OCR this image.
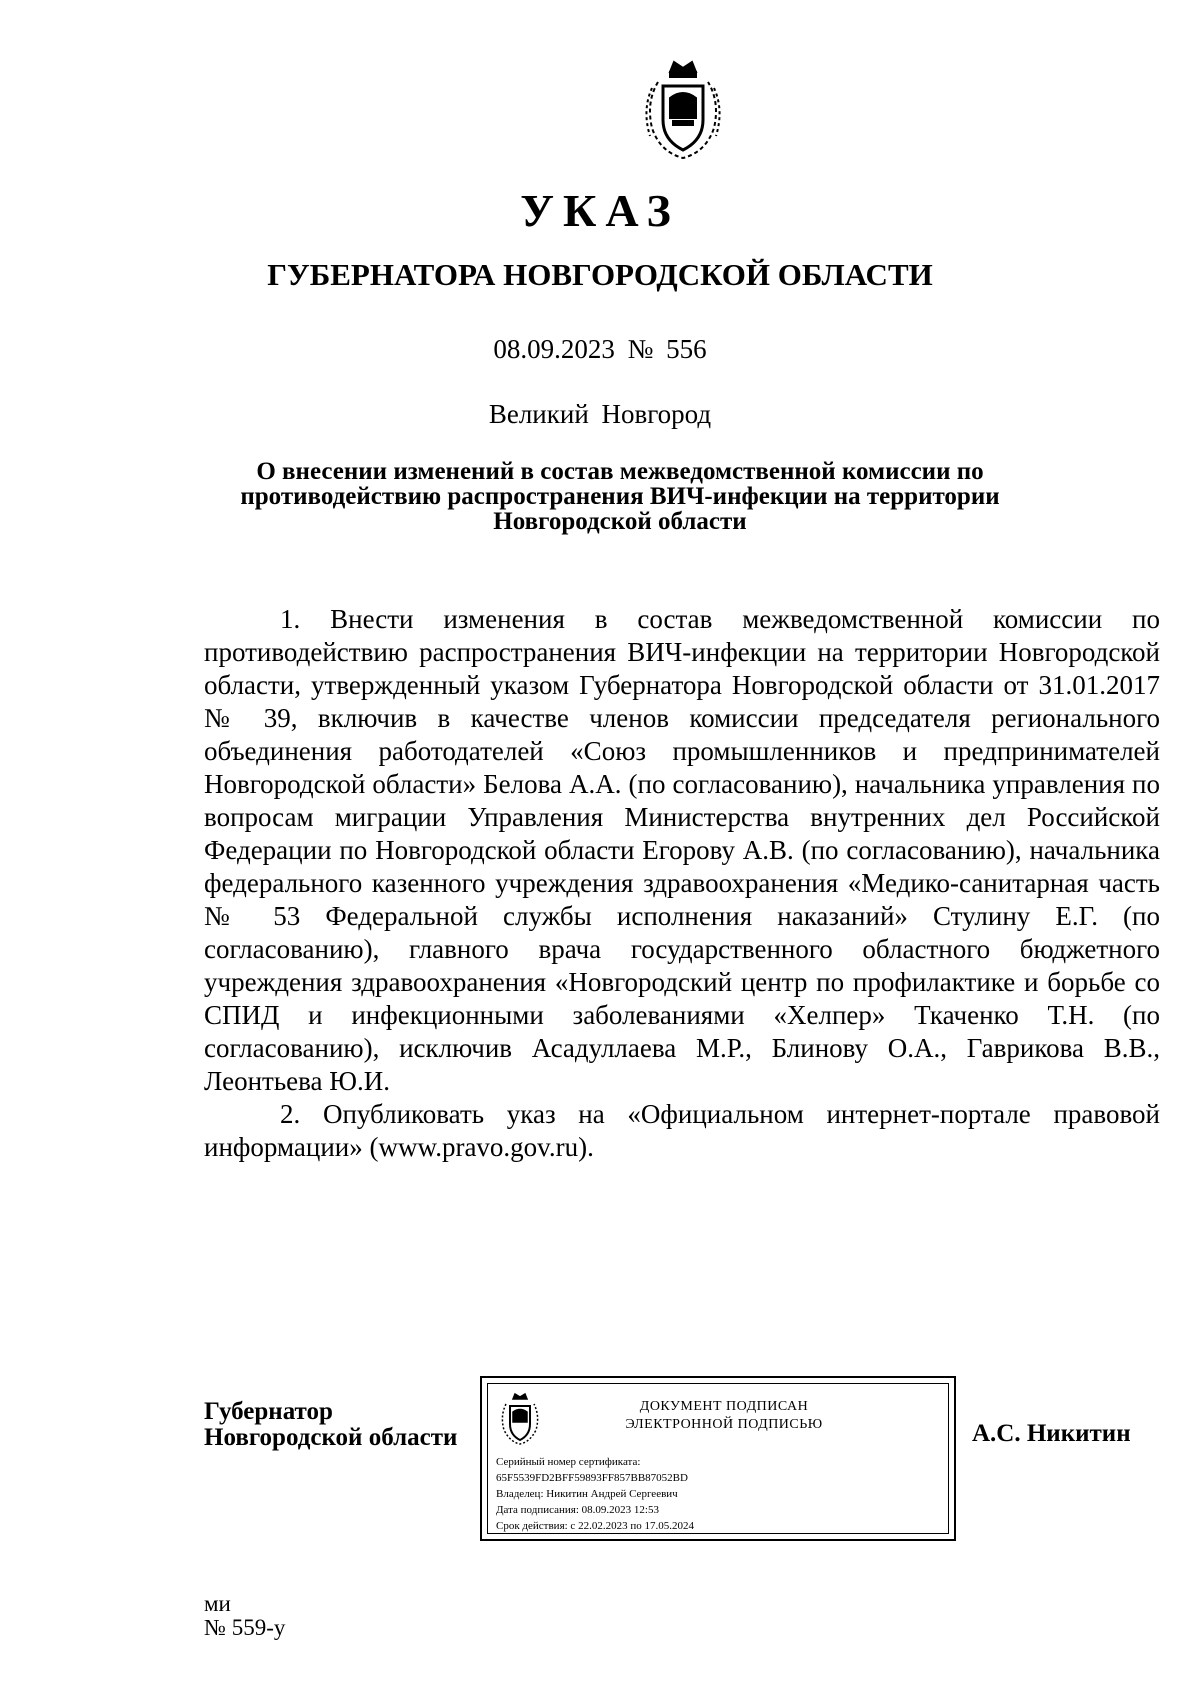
УКАЗ
ГУБЕРНАТОРА НОВГОРОДСКОЙ ОБЛАСТИ
08.09.2023 № 556
Великий Новгород
О внесении изменений в состав межведомственной комиссии по
противодействию распространения ВИЧ-инфекции на территории
Новгородской области

1. Внести изменения в состав межведомственной комиссии по противодействию распространения ВИЧ-инфекции на территории Новгородской области, утвержденный указом Губернатора Новгородской области от 31.01.2017 № 39, включив в качестве членов комиссии председателя регионального объединения работодателей «Союз промышленников и предпринимателей Новгородской области» Белова А.А. (по согласованию), начальника управления по вопросам миграции Управления Министерства внутренних дел Российской Федерации по Новгородской области Егорову А.В. (по согласованию), начальника федерального казенного учреждения здравоохранения «Медико-санитарная часть № 53 Федеральной службы исполнения наказаний» Стулину Е.Г. (по согласованию), главного врача государственного областного бюджетного учреждения здравоохранения «Новгородский центр по профилактике и борьбе со СПИД и инфекционными заболеваниями «Хелпер» Ткаченко Т.Н. (по согласованию), исключив Асадуллаева М.Р., Блинову О.А., Гаврикова В.В., Леонтьева Ю.И.

2. Опубликовать указ на «Официальном интернет-портале правовой информации» (www.pravo.gov.ru).

Губернатор
Новгородской области
ДОКУМЕНТ ПОДПИСАН
ЭЛЕКТРОННОЙ ПОДПИСЬЮ
Серийный номер сертификата:
65F5539FD2BFF59893FF857BB87052BD
Владелец: Никитин Андрей Сергеевич
Дата подписания: 08.09.2023 12:53
Срок действия: с 22.02.2023 по 17.05.2024
А.С. Никитин
ми
№ 559-у
